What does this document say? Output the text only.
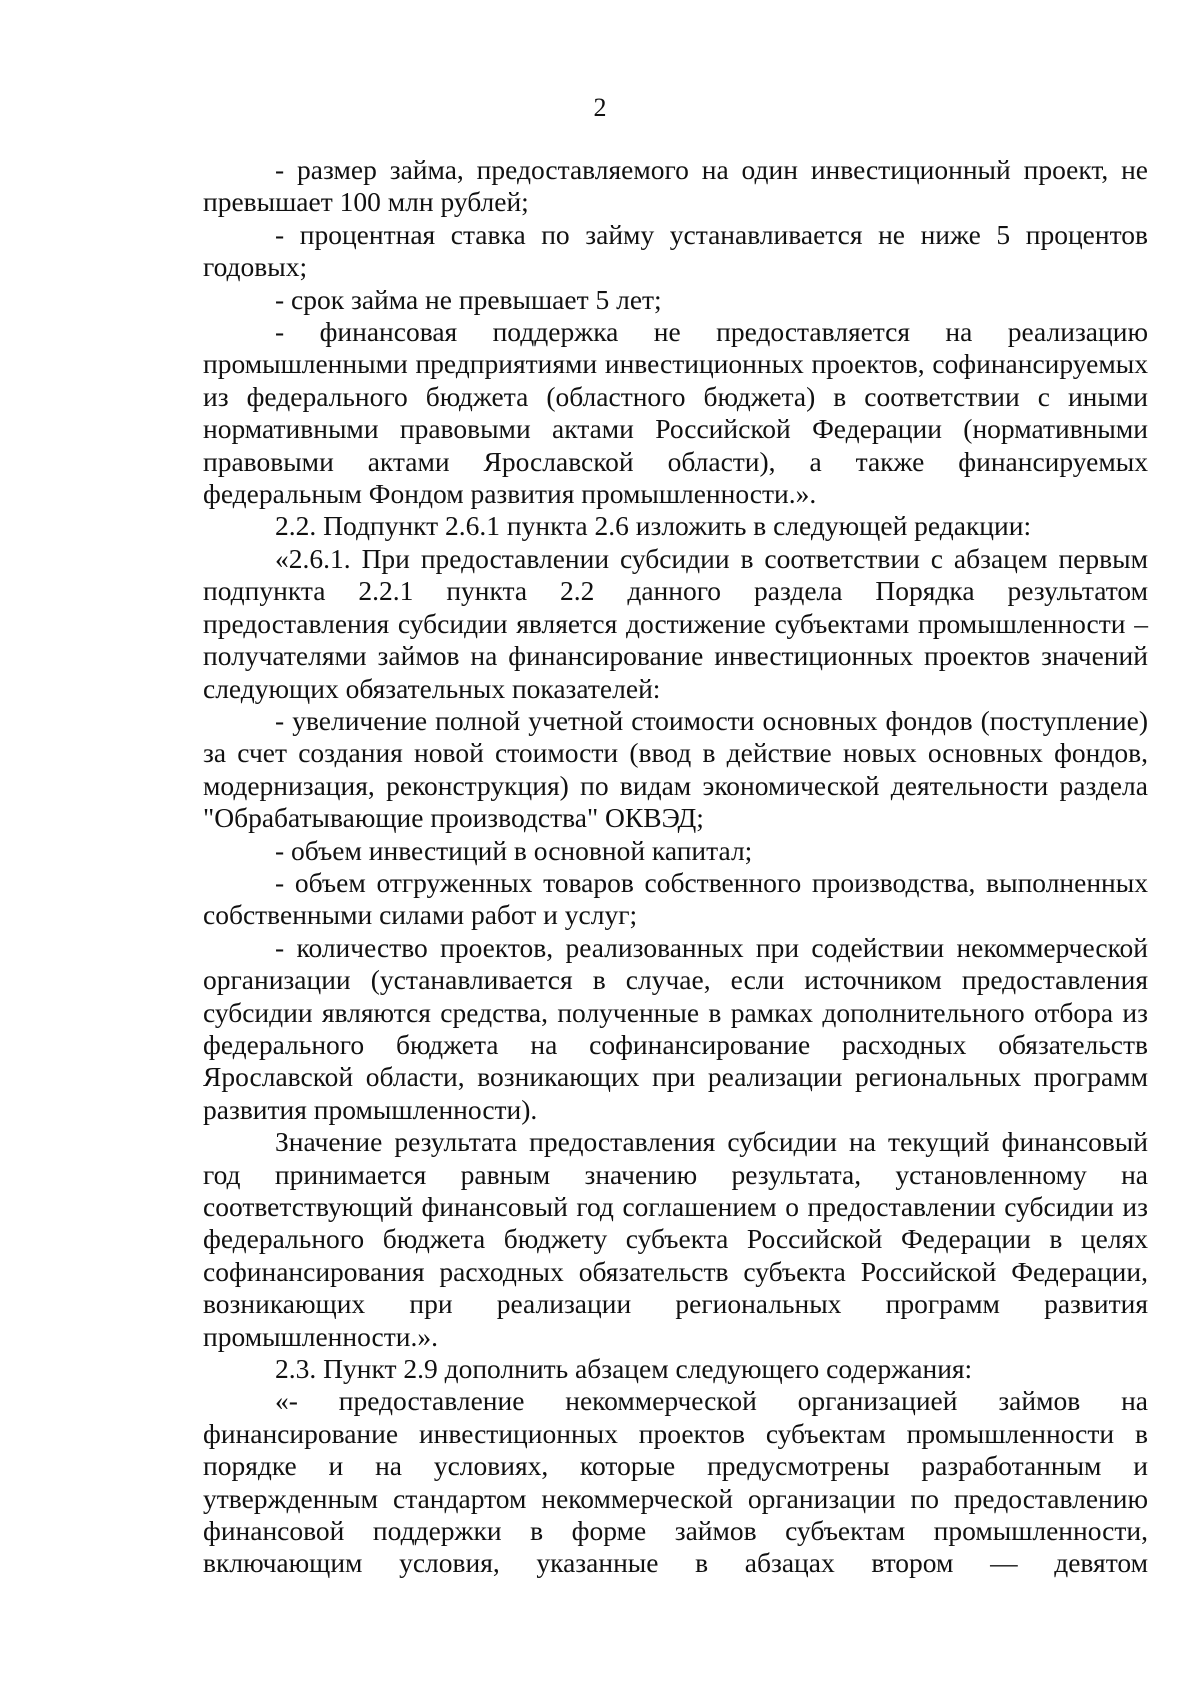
2

- размер займа, предоставляемого на один инвестиционный проект, не превышает 100 млн рублей;

- процентная ставка по займу устанавливается не ниже 5 процентов годовых;

- срок займа не превышает 5 лет;

- финансовая поддержка не предоставляется на реализацию промышленными предприятиями инвестиционных проектов, софинансируемых из федерального бюджета (областного бюджета) в соответствии с иными нормативными правовыми актами Российской Федерации (нормативными правовыми актами Ярославской области), а также финансируемых федеральным Фондом развития промышленности.».

2.2. Подпункт 2.6.1 пункта 2.6 изложить в следующей редакции:

«2.6.1. При предоставлении субсидии в соответствии с абзацем первым подпункта 2.2.1 пункта 2.2 данного раздела Порядка результатом предоставления субсидии является достижение субъектами промышленности – получателями займов на финансирование инвестиционных проектов значений следующих обязательных показателей:

- увеличение полной учетной стоимости основных фондов (поступление) за счет создания новой стоимости (ввод в действие новых основных фондов, модернизация, реконструкция) по видам экономической деятельности раздела "Обрабатывающие производства" ОКВЭД;

- объем инвестиций в основной капитал;

- объем отгруженных товаров собственного производства, выполненных собственными силами работ и услуг;

- количество проектов, реализованных при содействии некоммерческой организации (устанавливается в случае, если источником предоставления субсидии являются средства, полученные в рамках дополнительного отбора из федерального бюджета на софинансирование расходных обязательств Ярославской области, возникающих при реализации региональных программ развития промышленности).

Значение результата предоставления субсидии на текущий финансовый год принимается равным значению результата, установленному на соответствующий финансовый год соглашением о предоставлении субсидии из федерального бюджета бюджету субъекта Российской Федерации в целях софинансирования расходных обязательств субъекта Российской Федерации, возникающих при реализации региональных программ развития промышленности.».

2.3. Пункт 2.9 дополнить абзацем следующего содержания:

«- предоставление некоммерческой организацией займов на финансирование инвестиционных проектов субъектам промышленности в порядке и на условиях, которые предусмотрены разработанным и утвержденным стандартом некоммерческой организации по предоставлению финансовой поддержки в форме займов субъектам промышленности, включающим условия, указанные в абзацах втором — девятом
